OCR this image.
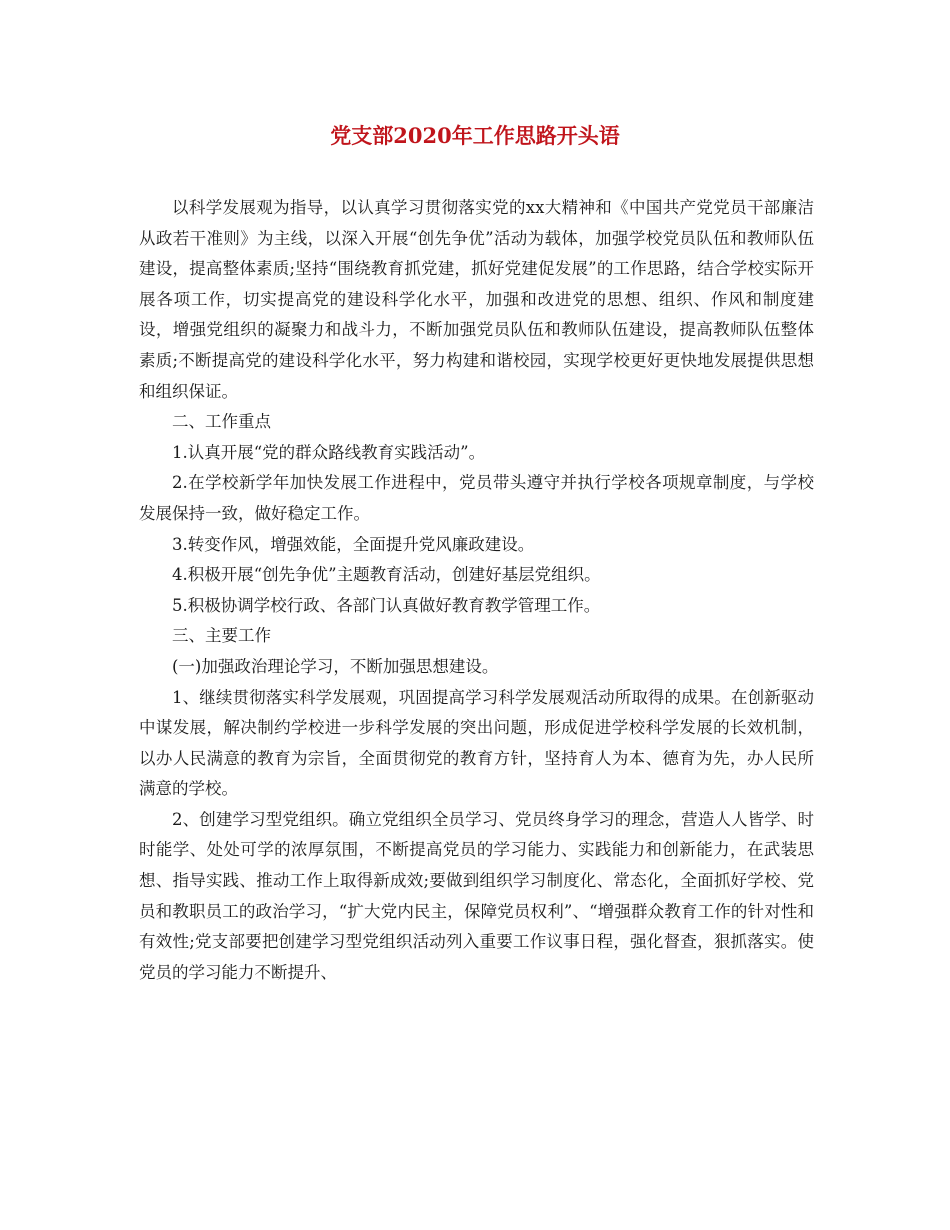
党支部2020年工作思路开头语

以科学发展观为指导，以认真学习贯彻落实党的xx大精神和《中国共产党党员干部廉洁从政若干准则》为主线，以深入开展“创先争优”活动为载体，加强学校党员队伍和教师队伍建设，提高整体素质;坚持“围绕教育抓党建，抓好党建促发展”的工作思路，结合学校实际开展各项工作，切实提高党的建设科学化水平，加强和改进党的思想、组织、作风和制度建设，增强党组织的凝聚力和战斗力，不断加强党员队伍和教师队伍建设，提高教师队伍整体素质;不断提高党的建设科学化水平，努力构建和谐校园，实现学校更好更快地发展提供思想和组织保证。

二、工作重点

1.认真开展“党的群众路线教育实践活动”。

2.在学校新学年加快发展工作进程中，党员带头遵守并执行学校各项规章制度，与学校发展保持一致，做好稳定工作。

3.转变作风，增强效能，全面提升党风廉政建设。

4.积极开展“创先争优”主题教育活动，创建好基层党组织。

5.积极协调学校行政、各部门认真做好教育教学管理工作。

三、主要工作

(一)加强政治理论学习，不断加强思想建设。

1、继续贯彻落实科学发展观，巩固提高学习科学发展观活动所取得的成果。在创新驱动中谋发展，解决制约学校进一步科学发展的突出问题，形成促进学校科学发展的长效机制，以办人民满意的教育为宗旨，全面贯彻党的教育方针，坚持育人为本、德育为先，办人民所满意的学校。

2、创建学习型党组织。确立党组织全员学习、党员终身学习的理念，营造人人皆学、时时能学、处处可学的浓厚氛围，不断提高党员的学习能力、实践能力和创新能力，在武装思想、指导实践、推动工作上取得新成效;要做到组织学习制度化、常态化，全面抓好学校、党员和教职员工的政治学习，“扩大党内民主，保障党员权利”、“增强群众教育工作的针对性和有效性;党支部要把创建学习型党组织活动列入重要工作议事日程，强化督查，狠抓落实。使党员的学习能力不断提升、
